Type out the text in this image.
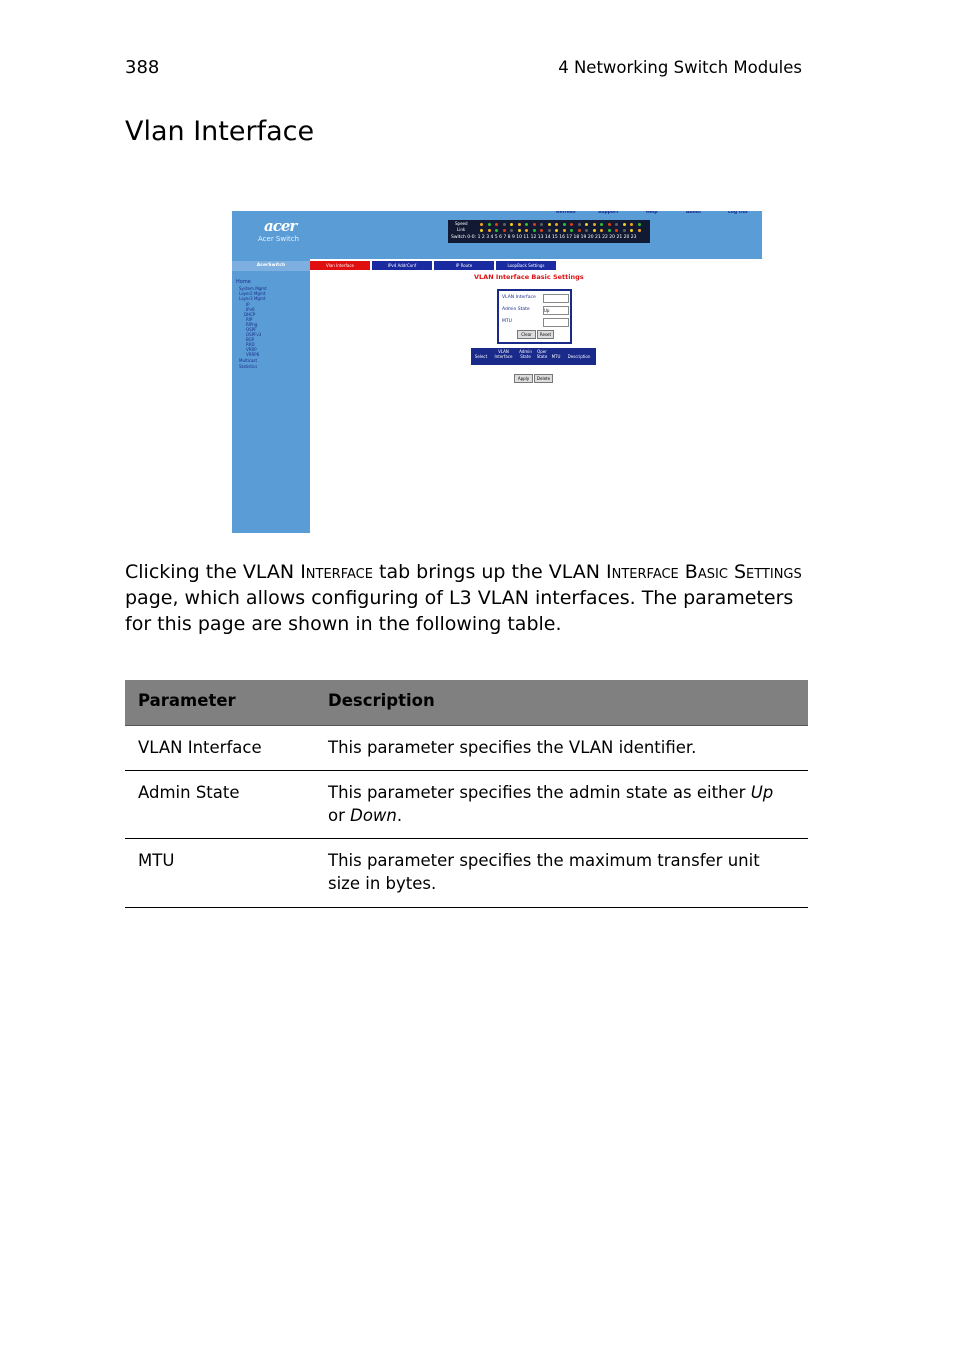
388	4 Networking Switch Modules
Vlan Interface
acer
Acer Switch
Refresh	Support	Help	About	Log Out
Speed
Link
Switch 0-0: 1 2 3 4 5 6 7 8 9 10 11 12 13 14 15 16 17 18 19 20 21 22 20 21 20 23
AcerSwitch
Home
System Mgmt
Layer2 Mgmt
Layer3 Mgmt
IP
IPv6
DHCP
RIP
RIPng
OSPF
OSPFv3
BGP
RRD
VRRP
VRRP6
Multicast
Statistics
Vlan Interface	IPv4 AddrConf	IP Route	LoopBack Settings
VLAN Interface Basic Settings
VLAN Interface
Admin State	Up
MTU
Clear	Reset
Select
VLAN Interface
Admin State
Oper State	MTU	Description
Apply	Delete
Clicking the VLAN Interface tab brings up the VLAN Interface Basic Settings page, which allows configuring of L3 VLAN interfaces. The parameters for this page are shown in the following table.
Parameter	Description
VLAN Interface	This parameter specifies the VLAN identifier.
Admin State	This parameter specifies the admin state as either Up or Down.
MTU	This parameter specifies the maximum transfer unit size in bytes.
